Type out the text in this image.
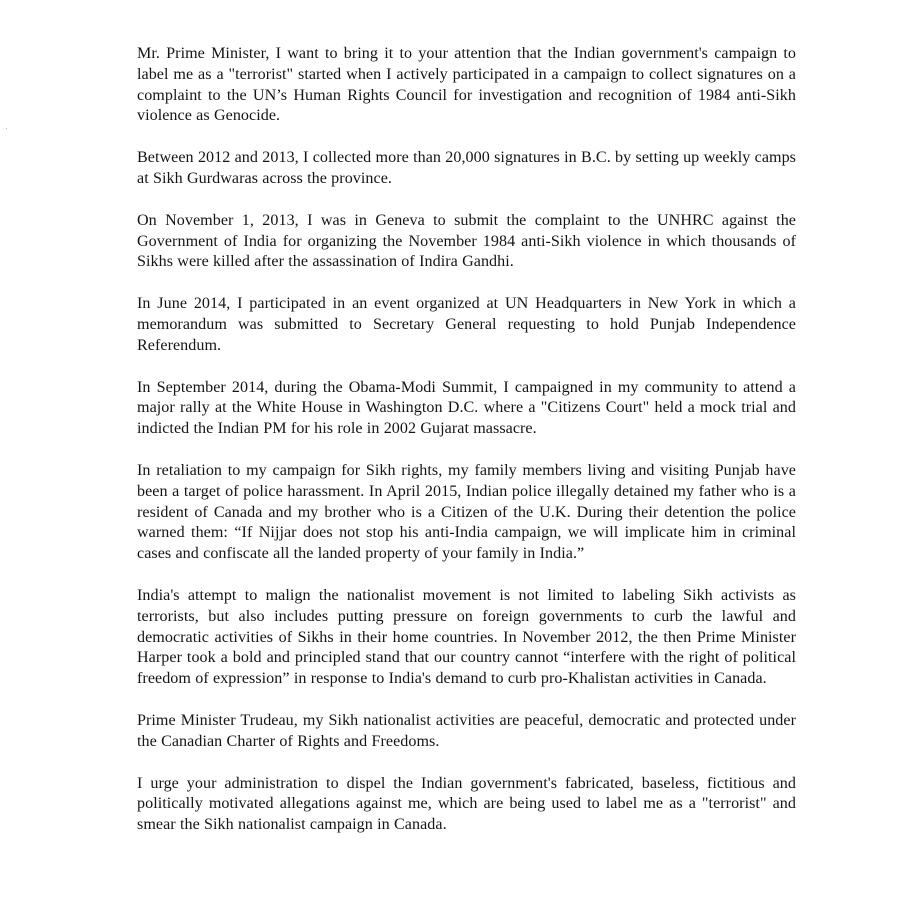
Mr. Prime Minister, I want to bring it to your attention that the Indian government's campaign to label me as a "terrorist" started when I actively participated in a campaign to collect signatures on a complaint to the UN’s Human Rights Council for investigation and recognition of 1984 anti-Sikh violence as Genocide.

Between 2012 and 2013, I collected more than 20,000 signatures in B.C. by setting up weekly camps at Sikh Gurdwaras across the province.

On November 1, 2013, I was in Geneva to submit the complaint to the UNHRC against the Government of India for organizing the November 1984 anti-Sikh violence in which thousands of Sikhs were killed after the assassination of Indira Gandhi.

In June 2014, I participated in an event organized at UN Headquarters in New York in which a memorandum was submitted to Secretary General requesting to hold Punjab Independence Referendum.

In September 2014, during the Obama-Modi Summit, I campaigned in my community to attend a major rally at the White House in Washington D.C. where a "Citizens Court" held a mock trial and indicted the Indian PM for his role in 2002 Gujarat massacre.

In retaliation to my campaign for Sikh rights, my family members living and visiting Punjab have been a target of police harassment. In April 2015, Indian police illegally detained my father who is a resident of Canada and my brother who is a Citizen of the U.K. During their detention the police warned them: “If Nijjar does not stop his anti-India campaign, we will implicate him in criminal cases and confiscate all the landed property of your family in India.”

India's attempt to malign the nationalist movement is not limited to labeling Sikh activists as terrorists, but also includes putting pressure on foreign governments to curb the lawful and democratic activities of Sikhs in their home countries. In November 2012, the then Prime Minister Harper took a bold and principled stand that our country cannot “interfere with the right of political freedom of expression” in response to India's demand to curb pro-Khalistan activities in Canada.

Prime Minister Trudeau, my Sikh nationalist activities are peaceful, democratic and protected under the Canadian Charter of Rights and Freedoms.

I urge your administration to dispel the Indian government's fabricated, baseless, fictitious and politically motivated allegations against me, which are being used to label me as a "terrorist" and smear the Sikh nationalist campaign in Canada.
